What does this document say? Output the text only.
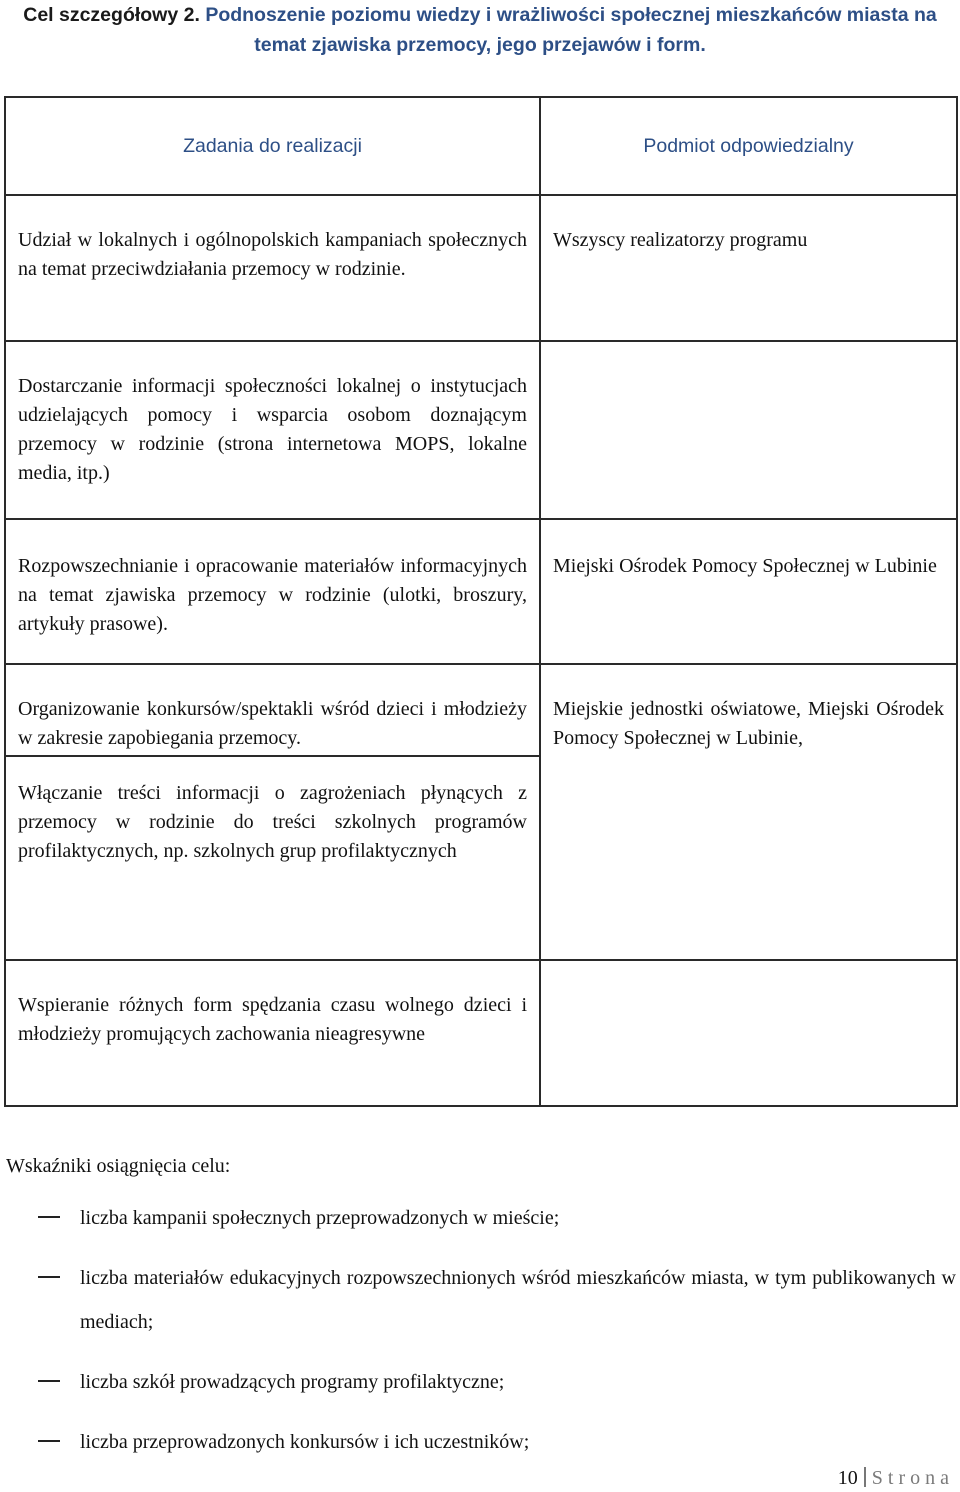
Cel szczegółowy 2. Podnoszenie poziomu wiedzy i wrażliwości społecznej mieszkańców miasta na temat zjawiska przemocy, jego przejawów i form.

Zadania do realizacji	Podmiot odpowiedzialny
Udział w lokalnych i ogólnopolskich kampaniach społecznych na temat przeciwdziałania przemocy w rodzinie.	Wszyscy realizatorzy programu
Dostarczanie informacji społeczności lokalnej o instytucjach udzielających pomocy i wsparcia osobom doznającym przemocy w rodzinie (strona internetowa MOPS, lokalne media, itp.)	
Rozpowszechnianie i opracowanie materiałów informacyjnych na temat zjawiska przemocy w rodzinie (ulotki, broszury, artykuły prasowe).	Miejski Ośrodek Pomocy Społecznej w Lubinie
Organizowanie konkursów/spektakli wśród dzieci i młodzieży w zakresie zapobiegania przemocy.	Miejskie jednostki oświatowe, Miejski Ośrodek Pomocy Społecznej w Lubinie,
Włączanie treści informacji o zagrożeniach płynących z przemocy w rodzinie do treści szkolnych programów profilaktycznych, np. szkolnych grup profilaktycznych	
Wspieranie różnych form spędzania czasu wolnego dzieci i młodzieży promujących zachowania nieagresywne	

Wskaźniki osiągnięcia celu:

liczba kampanii społecznych przeprowadzonych w mieście;
liczba materiałów edukacyjnych rozpowszechnionych wśród mieszkańców miasta, w tym publikowanych w mediach;
liczba szkół prowadzących programy profilaktyczne;
liczba przeprowadzonych konkursów i ich uczestników;
10 Strona
